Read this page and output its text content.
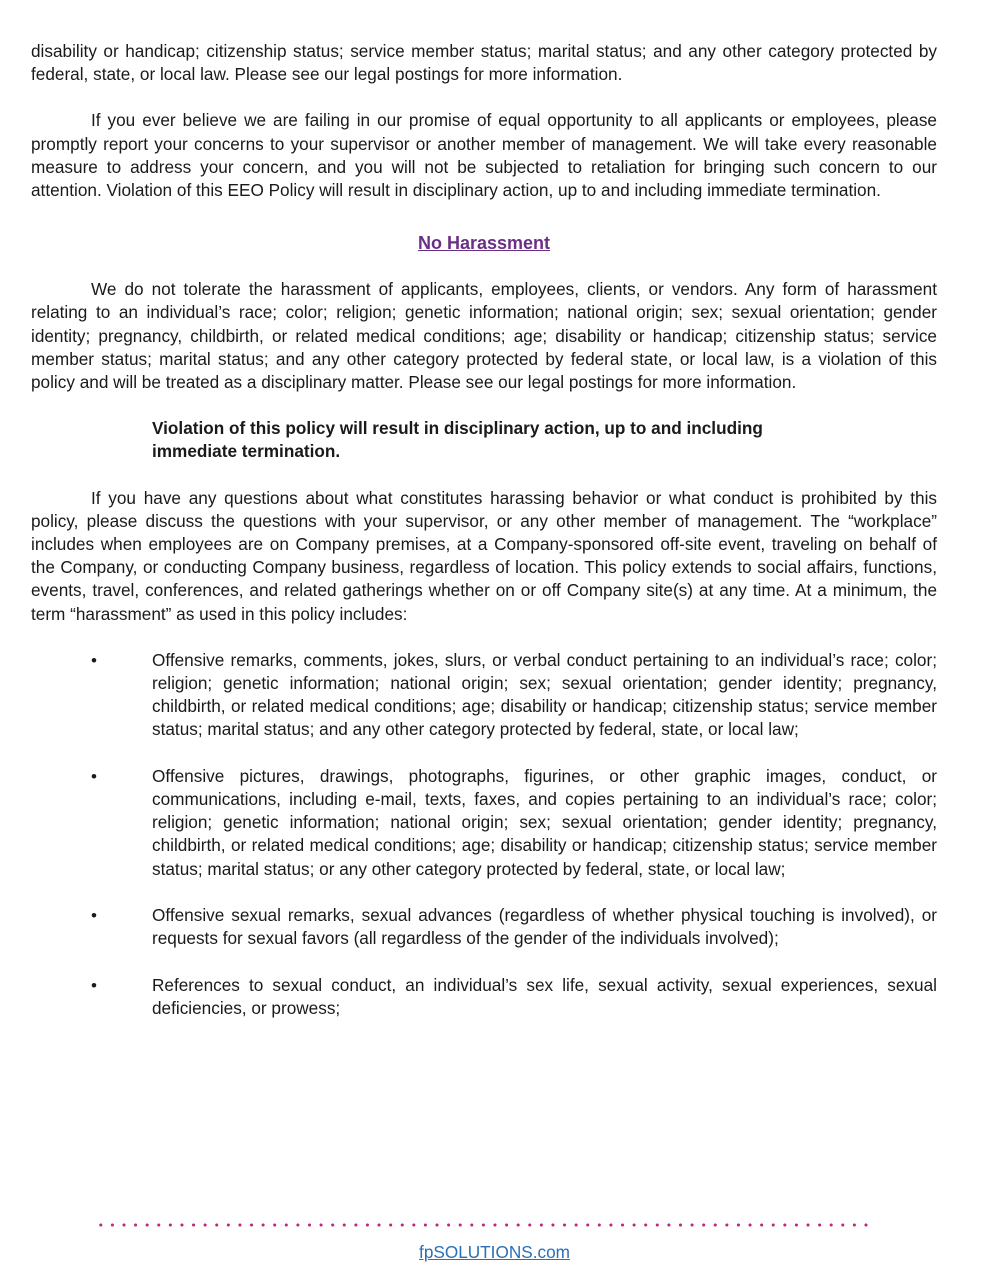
disability or handicap; citizenship status; service member status; marital status; and any other category protected by federal, state, or local law. Please see our legal postings for more information.

If you ever believe we are failing in our promise of equal opportunity to all applicants or employees, please promptly report your concerns to your supervisor or another member of management. We will take every reasonable measure to address your concern, and you will not be subjected to retaliation for bringing such concern to our attention. Violation of this EEO Policy will result in disciplinary action, up to and including immediate termination.

No Harassment

We do not tolerate the harassment of applicants, employees, clients, or vendors. Any form of harassment relating to an individual’s race; color; religion; genetic information; national origin; sex; sexual orientation; gender identity; pregnancy, childbirth, or related medical conditions; age; disability or handicap; citizenship status; service member status; marital status; and any other category protected by federal state, or local law, is a violation of this policy and will be treated as a disciplinary matter. Please see our legal postings for more information.

Violation of this policy will result in disciplinary action, up to and including immediate termination.

If you have any questions about what constitutes harassing behavior or what conduct is prohibited by this policy, please discuss the questions with your supervisor, or any other member of management. The “workplace” includes when employees are on Company premises, at a Company-sponsored off-site event, traveling on behalf of the Company, or conducting Company business, regardless of location. This policy extends to social affairs, functions, events, travel, conferences, and related gatherings whether on or off Company site(s) at any time. At a minimum, the term “harassment” as used in this policy includes:

•	Offensive remarks, comments, jokes, slurs, or verbal conduct pertaining to an individual’s race; color; religion; genetic information; national origin; sex; sexual orientation; gender identity; pregnancy, childbirth, or related medical conditions; age; disability or handicap; citizenship status; service member status; marital status; and any other category protected by federal, state, or local law;

•	Offensive pictures, drawings, photographs, figurines, or other graphic images, conduct, or communications, including e-mail, texts, faxes, and copies pertaining to an individual’s race; color; religion; genetic information; national origin; sex; sexual orientation; gender identity; pregnancy, childbirth, or related medical conditions; age; disability or handicap; citizenship status; service member status; marital status; or any other category protected by federal, state, or local law;

•	Offensive sexual remarks, sexual advances (regardless of whether physical touching is involved), or requests for sexual favors (all regardless of the gender of the individuals involved);

•	References to sexual conduct, an individual’s sex life, sexual activity, sexual experiences, sexual deficiencies, or prowess;

fpSOLUTIONS.com
